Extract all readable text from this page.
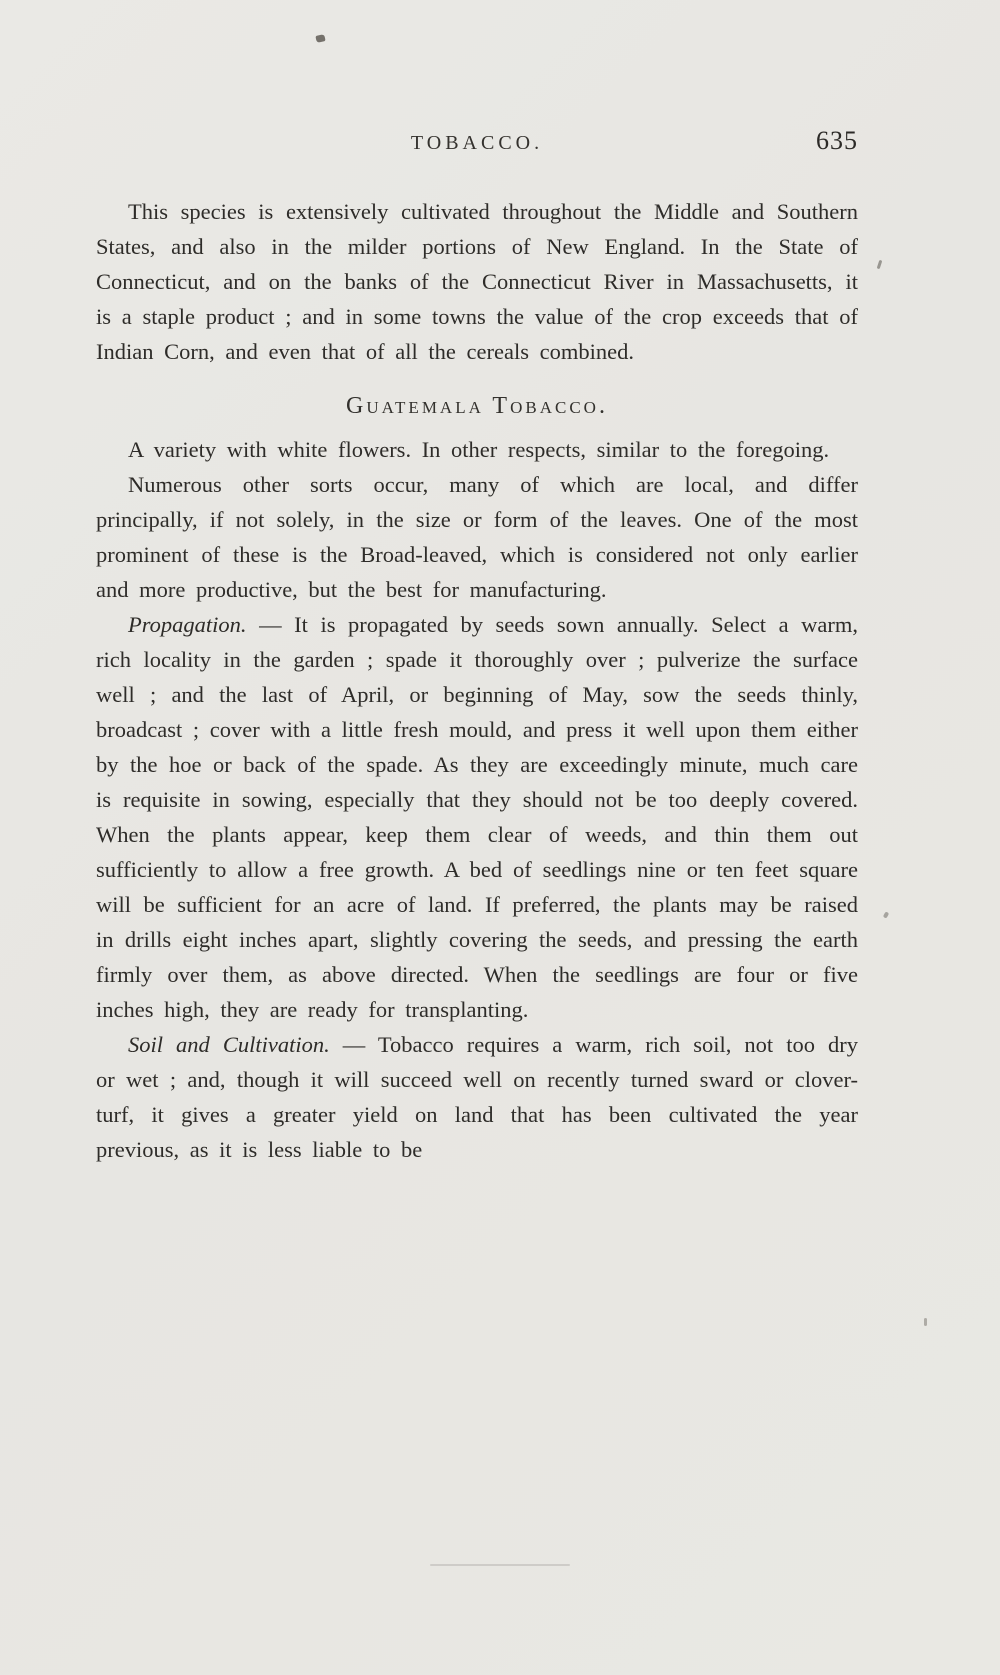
TOBACCO.	635

This species is extensively cultivated throughout the Middle and Southern States, and also in the milder portions of New England. In the State of Connecticut, and on the banks of the Connecticut River in Massachusetts, it is a staple product ; and in some towns the value of the crop exceeds that of Indian Corn, and even that of all the cereals combined.

Guatemala Tobacco.

A variety with white flowers. In other respects, similar to the foregoing.

Numerous other sorts occur, many of which are local, and differ principally, if not solely, in the size or form of the leaves. One of the most prominent of these is the Broad-leaved, which is considered not only earlier and more productive, but the best for manufacturing.

Propagation. — It is propagated by seeds sown annually. Select a warm, rich locality in the garden ; spade it thoroughly over ; pulverize the surface well ; and the last of April, or beginning of May, sow the seeds thinly, broadcast ; cover with a little fresh mould, and press it well upon them either by the hoe or back of the spade. As they are exceedingly minute, much care is requisite in sowing, especially that they should not be too deeply covered. When the plants appear, keep them clear of weeds, and thin them out sufficiently to allow a free growth. A bed of seedlings nine or ten feet square will be sufficient for an acre of land. If preferred, the plants may be raised in drills eight inches apart, slightly covering the seeds, and pressing the earth firmly over them, as above directed. When the seedlings are four or five inches high, they are ready for transplanting.

Soil and Cultivation. — Tobacco requires a warm, rich soil, not too dry or wet ; and, though it will succeed well on recently turned sward or clover-turf, it gives a greater yield on land that has been cultivated the year previous, as it is less liable to be
